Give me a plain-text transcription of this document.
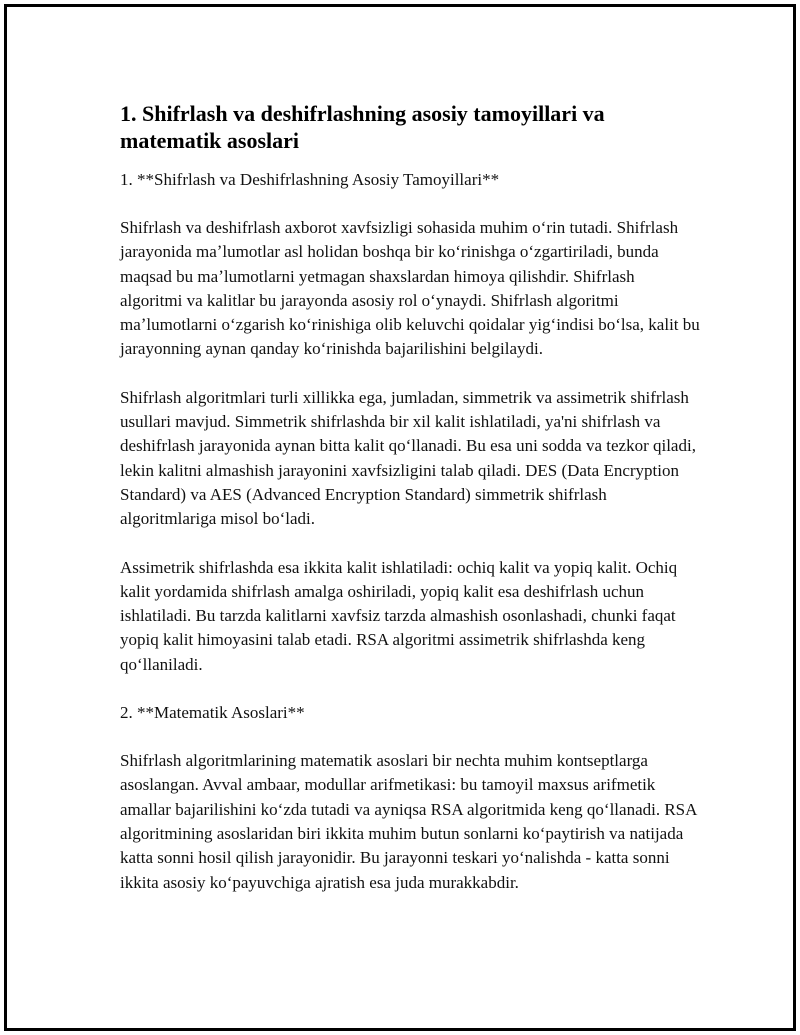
1. Shifrlash va deshifrlashning asosiy tamoyillari va matematik asoslari

1. **Shifrlash va Deshifrlashning Asosiy Tamoyillari**

Shifrlash va deshifrlash axborot xavfsizligi sohasida muhim oʻrin tutadi. Shifrlash jarayonida maʼlumotlar asl holidan boshqa bir koʻrinishga oʻzgartiriladi, bunda maqsad bu maʼlumotlarni yetmagan shaxslardan himoya qilishdir. Shifrlash algoritmi va kalitlar bu jarayonda asosiy rol oʻynaydi. Shifrlash algoritmi maʼlumotlarni oʻzgarish koʻrinishiga olib keluvchi qoidalar yigʻindisi boʻlsa, kalit bu jarayonning aynan qanday koʻrinishda bajarilishini belgilaydi.

Shifrlash algoritmlari turli xillikka ega, jumladan, simmetrik va assimetrik shifrlash usullari mavjud. Simmetrik shifrlashda bir xil kalit ishlatiladi, ya'ni shifrlash va deshifrlash jarayonida aynan bitta kalit qoʻllanadi. Bu esa uni sodda va tezkor qiladi, lekin kalitni almashish jarayonini xavfsizligini talab qiladi. DES (Data Encryption Standard) va AES (Advanced Encryption Standard) simmetrik shifrlash algoritmlariga misol boʻladi.

Assimetrik shifrlashda esa ikkita kalit ishlatiladi: ochiq kalit va yopiq kalit. Ochiq kalit yordamida shifrlash amalga oshiriladi, yopiq kalit esa deshifrlash uchun ishlatiladi. Bu tarzda kalitlarni xavfsiz tarzda almashish osonlashadi, chunki faqat yopiq kalit himoyasini talab etadi. RSA algoritmi assimetrik shifrlashda keng qoʻllaniladi.

2. **Matematik Asoslari**

Shifrlash algoritmlarining matematik asoslari bir nechta muhim kontseptlarga asoslangan. Avval ambaar, modullar arifmetikasi: bu tamoyil maxsus arifmetik amallar bajarilishini koʻzda tutadi va ayniqsa RSA algoritmida keng qoʻllanadi. RSA algoritmining asoslaridan biri ikkita muhim butun sonlarni koʻpaytirish va natijada katta sonni hosil qilish jarayonidir. Bu jarayonni teskari yoʻnalishda - katta sonni ikkita asosiy koʻpayuvchiga ajratish esa juda murakkabdir.
